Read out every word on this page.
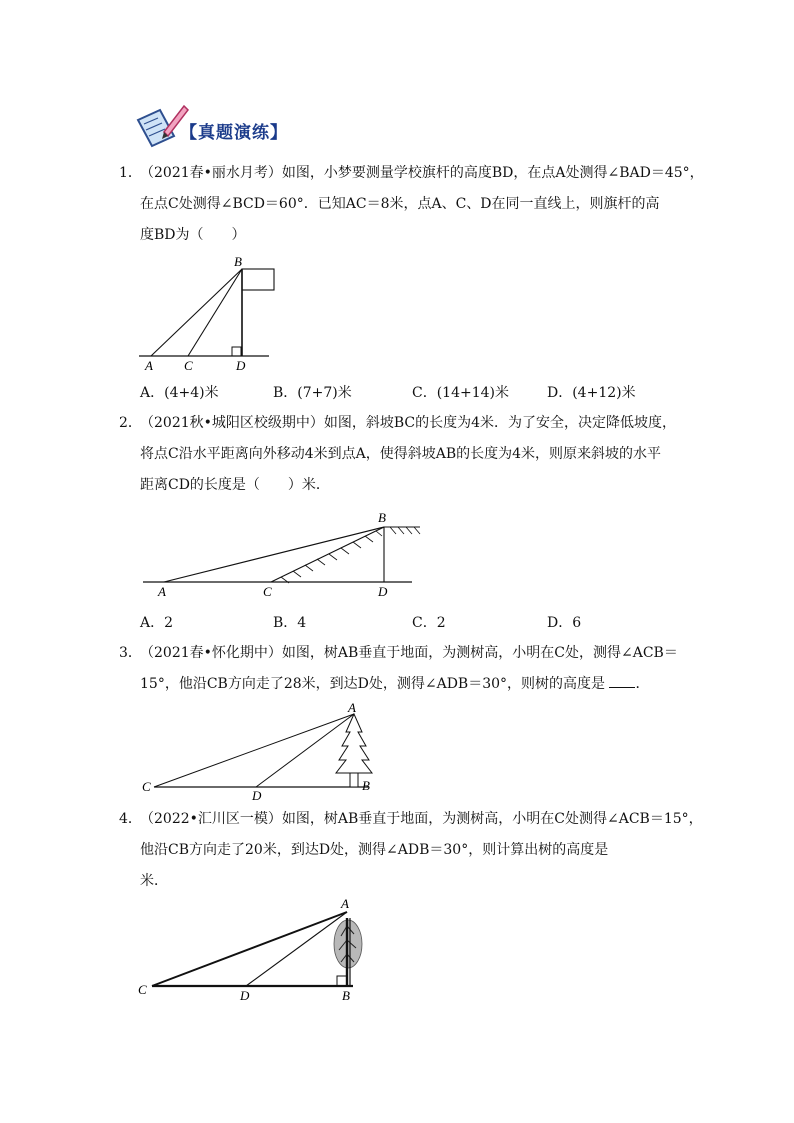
【真题演练】
1．（2021春•丽水月考）如图，小梦要测量学校旗杆的高度BD，在点A处测得∠BAD＝45°，
在点C处测得∠BCD＝60°．已知AC＝8米，点A、C、D在同一直线上，则旗杆的高
度BD为（　　）
B
A C	D
A．(4+4)米	B．(7+7)米	C．(14+14)米	D．(4+12)米
2．（2021秋•城阳区校级期中）如图，斜坡BC的长度为4米．为了安全，决定降低坡度，
将点C沿水平距离向外移动4米到点A，使得斜坡AB的长度为4米，则原来斜坡的水平
距离CD的长度是（　　）米．
B
A	C	D
A．2	B．4	C．2	D．6
3．（2021春•怀化期中）如图，树AB垂直于地面，为测树高，小明在C处，测得∠ACB＝
15°，他沿CB方向走了28米，到达D处，测得∠ADB＝30°，则树的高度是 ．
A
C
D
B
4．（2022•汇川区一模）如图，树AB垂直于地面，为测树高，小明在C处测得∠ACB＝15°，
他沿CB方向走了20米，到达D处，测得∠ADB＝30°，则计算出树的高度是
米．
A
C	D	B
